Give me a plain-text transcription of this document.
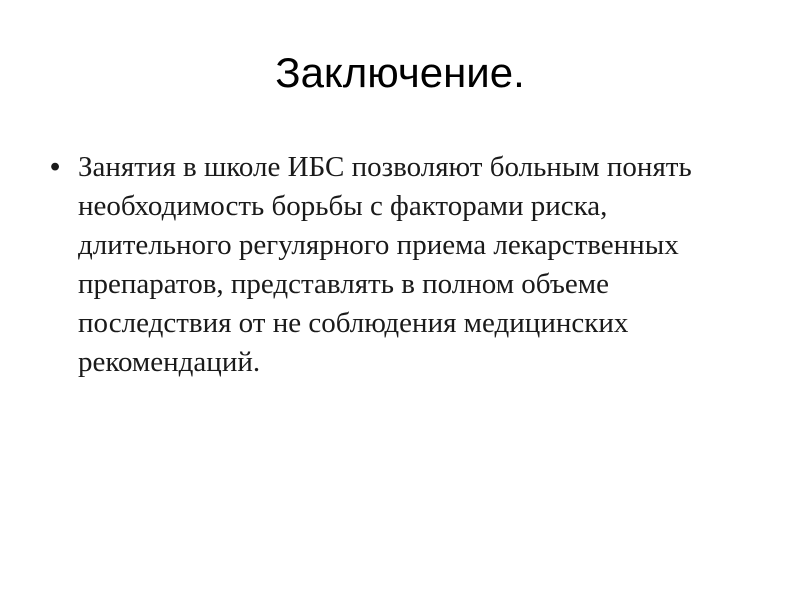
Заключение.
• Занятия в школе ИБС позволяют больным понять необходимость борьбы с факторами риска, длительного регулярного приема лекарственных препаратов, представлять в полном объеме последствия от не соблюдения медицинских рекомендаций.
